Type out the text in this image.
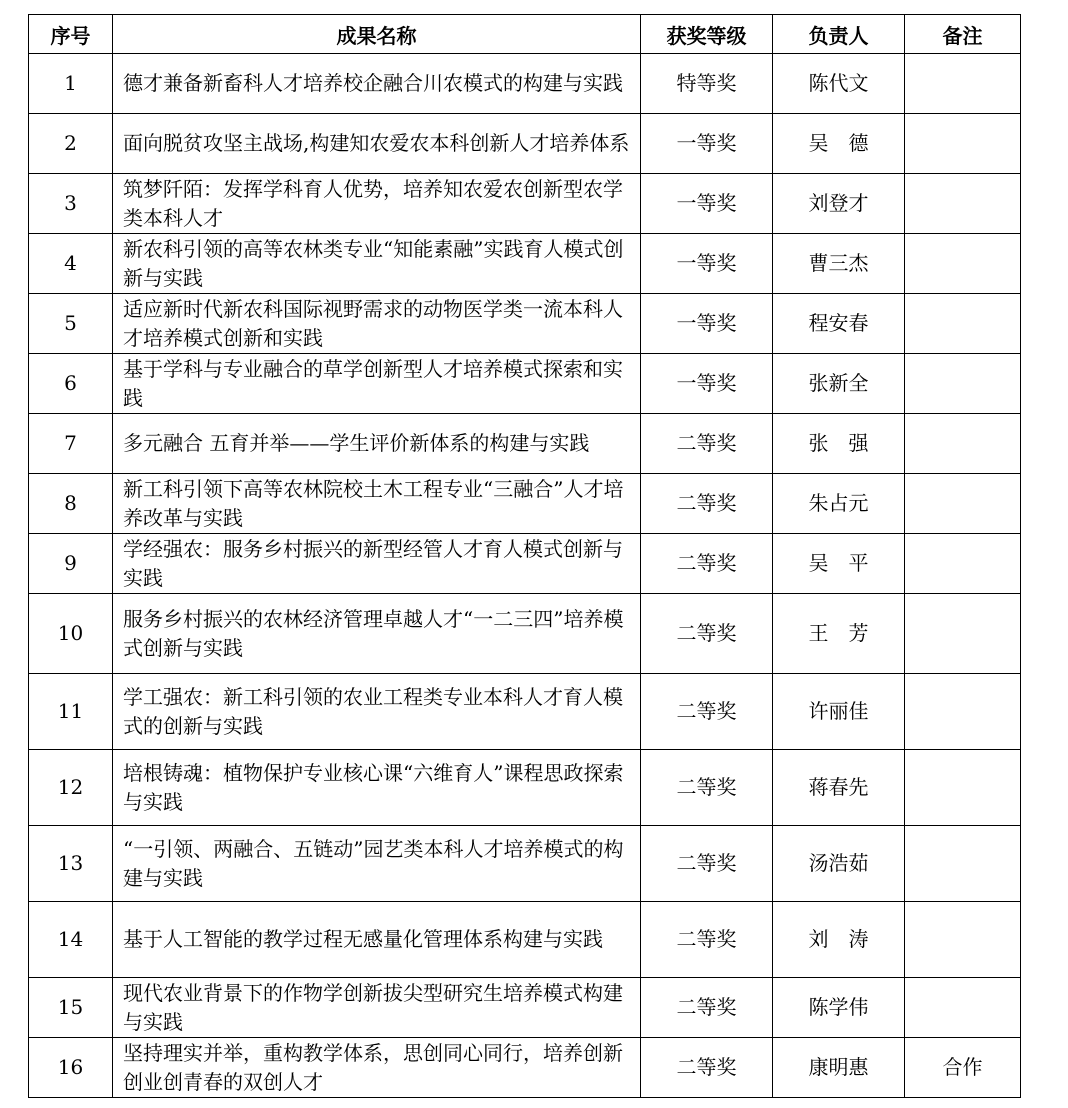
序号	成果名称	获奖等级	负责人	备注
1	德才兼备新畜科人才培养校企融合川农模式的构建与实践	特等奖	陈代文	
2	面向脱贫攻坚主战场,构建知农爱农本科创新人才培养体系	一等奖	吴　德	
3	筑梦阡陌：发挥学科育人优势，培养知农爱农创新型农学类本科人才	一等奖	刘登才	
4	新农科引领的高等农林类专业“知能素融”实践育人模式创新与实践	一等奖	曹三杰	
5	适应新时代新农科国际视野需求的动物医学类一流本科人才培养模式创新和实践	一等奖	程安春	
6	基于学科与专业融合的草学创新型人才培养模式探索和实践	一等奖	张新全	
7	多元融合 五育并举——学生评价新体系的构建与实践	二等奖	张　强	
8	新工科引领下高等农林院校土木工程专业“三融合”人才培养改革与实践	二等奖	朱占元	
9	学经强农：服务乡村振兴的新型经管人才育人模式创新与实践	二等奖	吴　平	
10	服务乡村振兴的农林经济管理卓越人才“一二三四”培养模式创新与实践	二等奖	王　芳	
11	学工强农：新工科引领的农业工程类专业本科人才育人模式的创新与实践	二等奖	许丽佳	
12	培根铸魂：植物保护专业核心课“六维育人”课程思政探索与实践	二等奖	蒋春先	
13	“一引领、两融合、五链动”园艺类本科人才培养模式的构建与实践	二等奖	汤浩茹	
14	基于人工智能的教学过程无感量化管理体系构建与实践	二等奖	刘　涛	
15	现代农业背景下的作物学创新拔尖型研究生培养模式构建与实践	二等奖	陈学伟	
16	坚持理实并举，重构教学体系，思创同心同行，培养创新创业创青春的双创人才	二等奖	康明惠	合作
